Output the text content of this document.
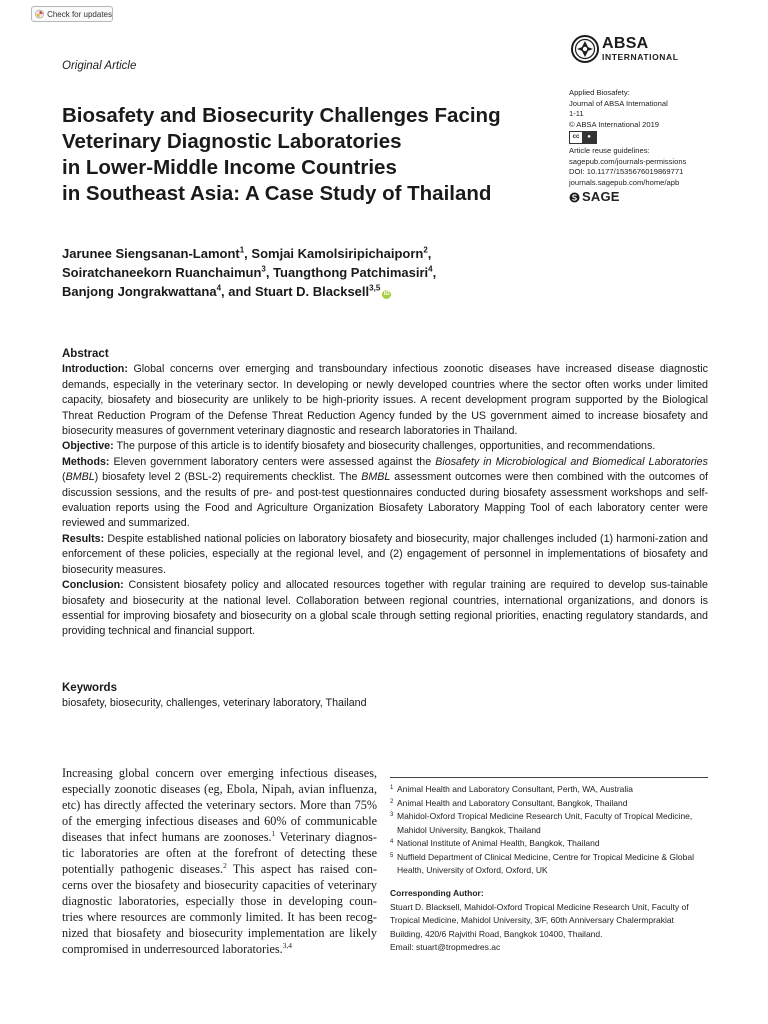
Check for updates
Original Article
ABSA
INTERNATIONAL
Biosafety and Biosecurity Challenges Facing
Veterinary Diagnostic Laboratories
in Lower-Middle Income Countries
in Southeast Asia: A Case Study of Thailand
Applied Biosafety:
Journal of ABSA International
1-11
© ABSA International 2019
cc	●
Article reuse guidelines:
sagepub.com/journals-permissions
DOI: 10.1177/1535676019869771
journals.sagepub.com/home/apb
SAGE
Jarunee Siengsanan-Lamont$^1$, Somjai Kamolsiripichaiporn$^2$,
Soiratchaneekorn Ruanchaimun$^3$, Tuangthong Patchimasiri$^4$,
Banjong Jongrakwattana$^4$, and Stuart D. Blacksell$^{3,5}$iD
Abstract

Introduction: Global concerns over emerging and transboundary infectious zoonotic diseases have increased disease diagnostic demands, especially in the veterinary sector. In developing or newly developed countries where the sector often works under limited capacity, biosafety and biosecurity are unlikely to be high-priority issues. A recent development program supported by the Biological Threat Reduction Program of the Defense Threat Reduction Agency funded by the US government aimed to increase biosafety and biosecurity measures of government veterinary diagnostic and research laboratories in Thailand.

Objective: The purpose of this article is to identify biosafety and biosecurity challenges, opportunities, and recommendations.

Methods: Eleven government laboratory centers were assessed against the Biosafety in Microbiological and Biomedical Laboratories (BMBL) biosafety level 2 (BSL-2) requirements checklist. The BMBL assessment outcomes were then combined with the outcomes of discussion sessions, and the results of pre- and post-test questionnaires conducted during biosafety assessment workshops and self-evaluation reports using the Food and Agriculture Organization Biosafety Laboratory Mapping Tool of each laboratory center were reviewed and summarized.

Results: Despite established national policies on laboratory biosafety and biosecurity, major challenges included (1) harmoni-zation and enforcement of these policies, especially at the regional level, and (2) engagement of personnel in implementations of biosafety and biosecurity measures.

Conclusion: Consistent biosafety policy and allocated resources together with regular training are required to develop sus-tainable biosafety and biosecurity at the national level. Collaboration between regional countries, international organizations, and donors is essential for improving biosafety and biosecurity on a global scale through setting regional priorities, enacting regulatory standards, and providing technical and financial support.

Keywords
biosafety, biosecurity, challenges, veterinary laboratory, Thailand
Increasing global concern over emerging infectious diseases, especially zoonotic diseases (eg, Ebola, Nipah, avian influenza, etc) has directly affected the veterinary sectors. More than 75% of the emerging infectious diseases and 60% of communicable diseases that infect humans are zoonoses.$^1$ Veterinary diagnos-tic laboratories are often at the forefront of detecting these potentially pathogenic diseases.$^2$ This aspect has raised con-cerns over the biosafety and biosecurity capacities of veterinary diagnostic laboratories, especially those in developing coun-tries where resources are commonly limited. It has been recog-nized that biosafety and biosecurity implementation are likely compromised in underresourced laboratories.$^{3,4}$
1 Animal Health and Laboratory Consultant, Perth, WA, Australia
2 Animal Health and Laboratory Consultant, Bangkok, Thailand
3 Mahidol-Oxford Tropical Medicine Research Unit, Faculty of Tropical Medicine, Mahidol University, Bangkok, Thailand
4 National Institute of Animal Health, Bangkok, Thailand
5 Nuffield Department of Clinical Medicine, Centre for Tropical Medicine & Global Health, University of Oxford, Oxford, UK
Corresponding Author:
Stuart D. Blacksell, Mahidol-Oxford Tropical Medicine Research Unit, Faculty of Tropical Medicine, Mahidol University, 3/F, 60th Anniversary Chalermprakiat Building, 420/6 Rajvithi Road, Bangkok 10400, Thailand.
Email: stuart@tropmedres.ac
